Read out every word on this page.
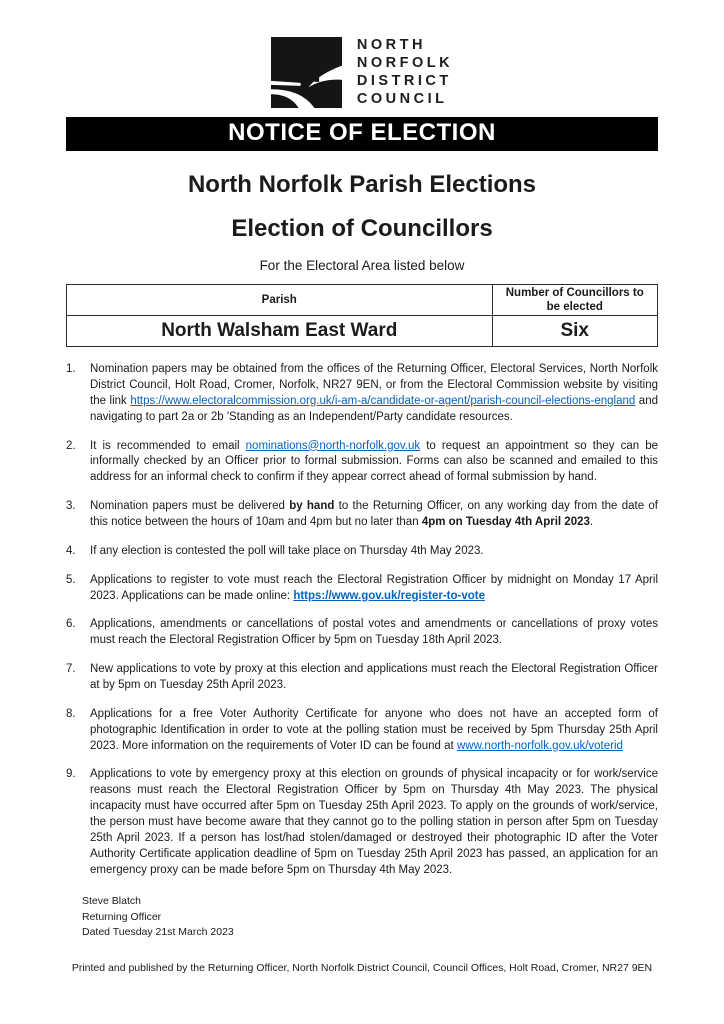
NORTH
NORFOLK
DISTRICT
COUNCIL
NOTICE OF ELECTION
North Norfolk Parish Elections
Election of Councillors
For the Electoral Area listed below
Parish	Number of Councillors to be elected
North Walsham East Ward	Six
1.	Nomination papers may be obtained from the offices of the Returning Officer, Electoral Services, North Norfolk District Council, Holt Road, Cromer, Norfolk, NR27 9EN, or from the Electoral Commission website by visiting the link https://www.electoralcommission.org.uk/i-am-a/candidate-or-agent/parish-council-elections-england and navigating to part 2a or 2b 'Standing as an Independent/Party candidate resources.
2.	It is recommended to email nominations@north-norfolk.gov.uk to request an appointment so they can be informally checked by an Officer prior to formal submission. Forms can also be scanned and emailed to this address for an informal check to confirm if they appear correct ahead of formal submission by hand.
3.	Nomination papers must be delivered by hand to the Returning Officer, on any working day from the date of this notice between the hours of 10am and 4pm but no later than 4pm on Tuesday 4th April 2023.
4.	If any election is contested the poll will take place on Thursday 4th May 2023.
5.	Applications to register to vote must reach the Electoral Registration Officer by midnight on Monday 17 April 2023. Applications can be made online: https://www.gov.uk/register-to-vote
6.	Applications, amendments or cancellations of postal votes and amendments or cancellations of proxy votes must reach the Electoral Registration Officer by 5pm on Tuesday 18th April 2023.
7.	New applications to vote by proxy at this election and applications must reach the Electoral Registration Officer at by 5pm on Tuesday 25th April 2023.
8.	Applications for a free Voter Authority Certificate for anyone who does not have an accepted form of photographic Identification in order to vote at the polling station must be received by 5pm Thursday 25th April 2023. More information on the requirements of Voter ID can be found at www.north-norfolk.gov.uk/voterid
9.	Applications to vote by emergency proxy at this election on grounds of physical incapacity or for work/service reasons must reach the Electoral Registration Officer by 5pm on Thursday 4th May 2023. The physical incapacity must have occurred after 5pm on Tuesday 25th April 2023. To apply on the grounds of work/service, the person must have become aware that they cannot go to the polling station in person after 5pm on Tuesday 25th April 2023. If a person has lost/had stolen/damaged or destroyed their photographic ID after the Voter Authority Certificate application deadline of 5pm on Tuesday 25th April 2023 has passed, an application for an emergency proxy can be made before 5pm on Thursday 4th May 2023.
Steve Blatch
Returning Officer
Dated Tuesday 21st March 2023
Printed and published by the Returning Officer, North Norfolk District Council, Council Offices, Holt Road, Cromer, NR27 9EN
